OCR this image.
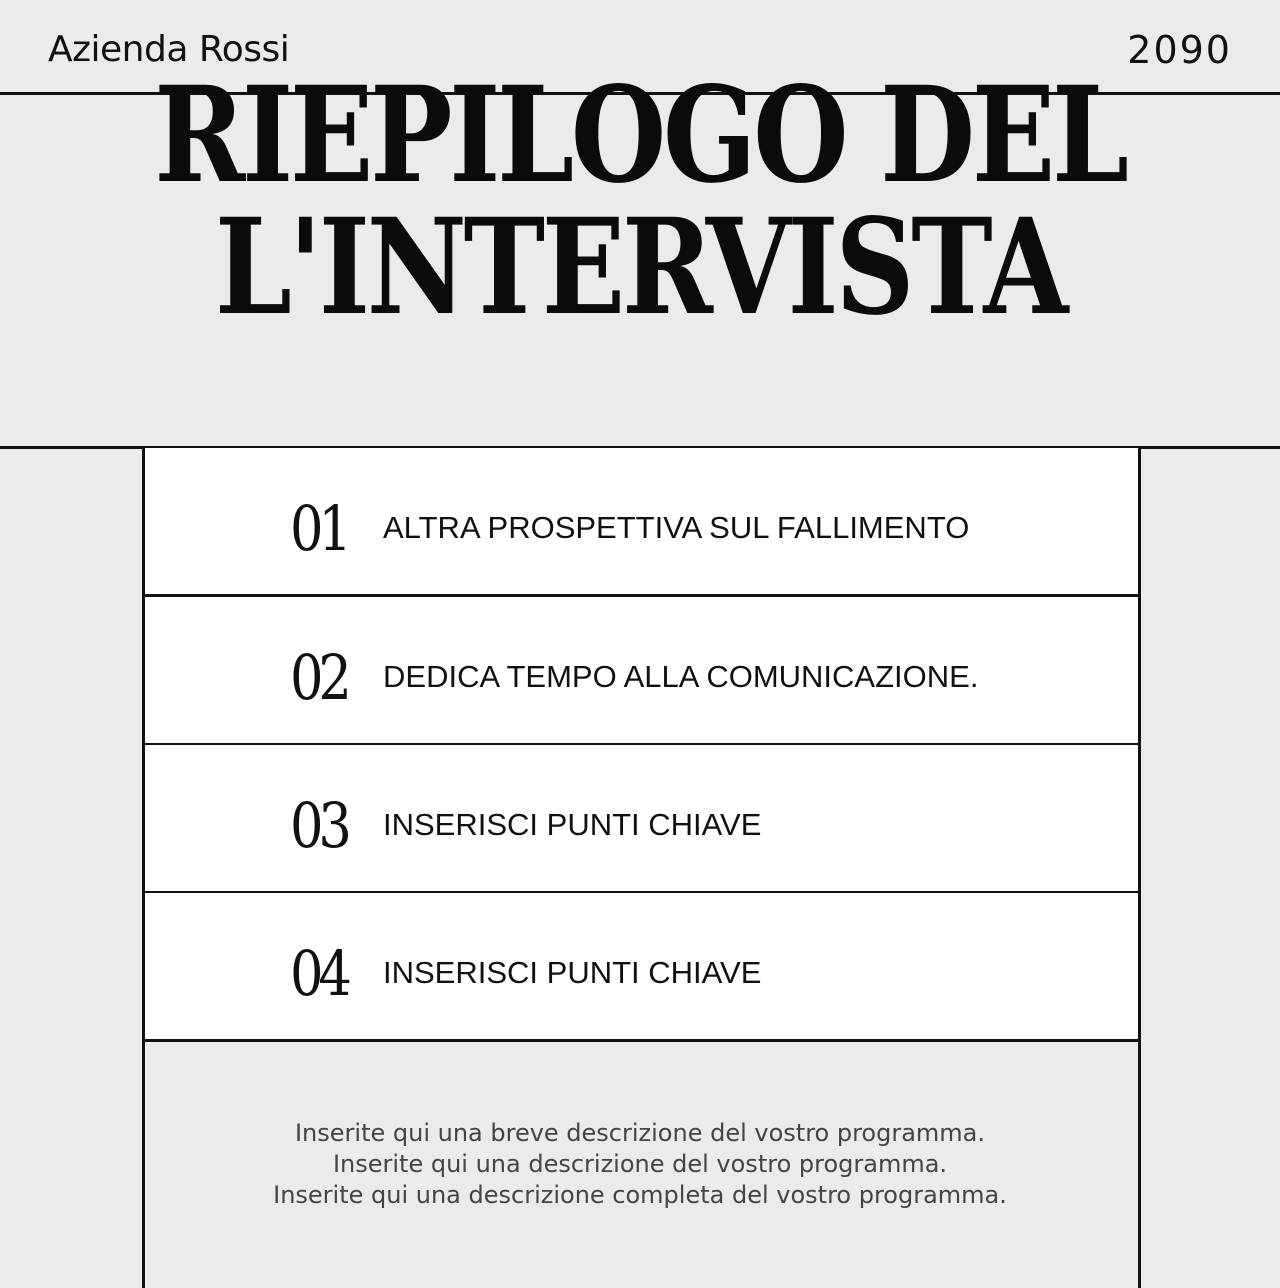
Azienda Rossi	2090
RIEPILOGO DELL'INTERVISTA
01 ALTRA PROSPETTIVA SUL FALLIMENTO
02 DEDICA TEMPO ALLA COMUNICAZIONE.
03 INSERISCI PUNTI CHIAVE
04 INSERISCI PUNTI CHIAVE
Inserite qui una breve descrizione del vostro programma.
Inserite qui una descrizione del vostro programma.
Inserite qui una descrizione completa del vostro programma.
